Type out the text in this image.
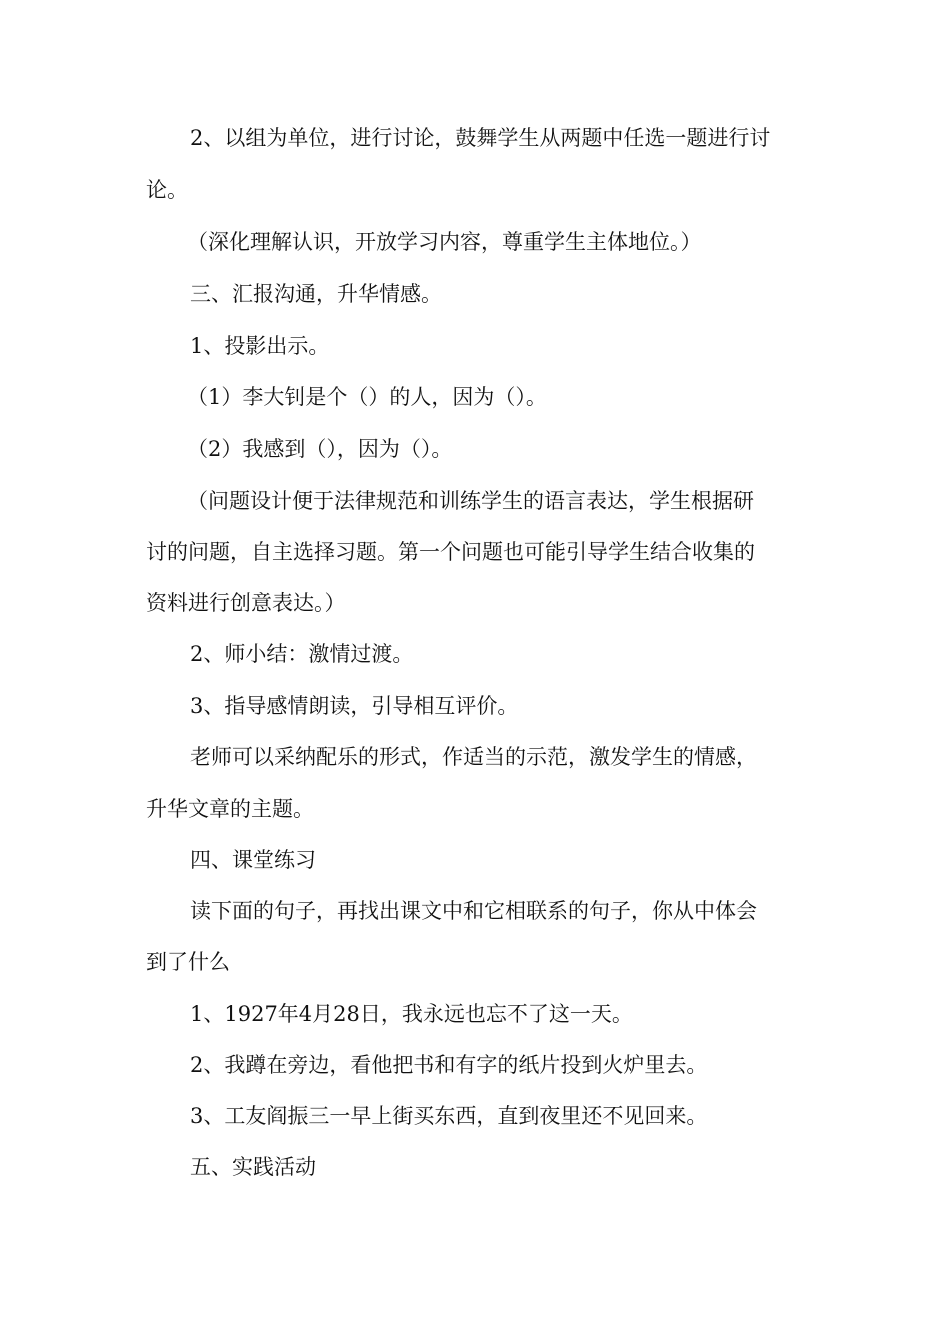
2、以组为单位，进行讨论，鼓舞学生从两题中任选一题进行讨
论。
（深化理解认识，开放学习内容，尊重学生主体地位。）
三、汇报沟通，升华情感。
1、投影出示。
（1）李大钊是个（）的人，因为（）。
（2）我感到（），因为（）。
（问题设计便于法律规范和训练学生的语言表达，学生根据研
讨的问题，自主选择习题。第一个问题也可能引导学生结合收集的
资料进行创意表达。）
2、师小结：激情过渡。
3、指导感情朗读，引导相互评价。
老师可以采纳配乐的形式，作适当的示范，激发学生的情感，
升华文章的主题。
四、课堂练习
读下面的句子，再找出课文中和它相联系的句子，你从中体会
到了什么
1、1927年4月28日，我永远也忘不了这一天。
2、我蹲在旁边，看他把书和有字的纸片投到火炉里去。
3、工友阎振三一早上街买东西，直到夜里还不见回来。
五、实践活动
